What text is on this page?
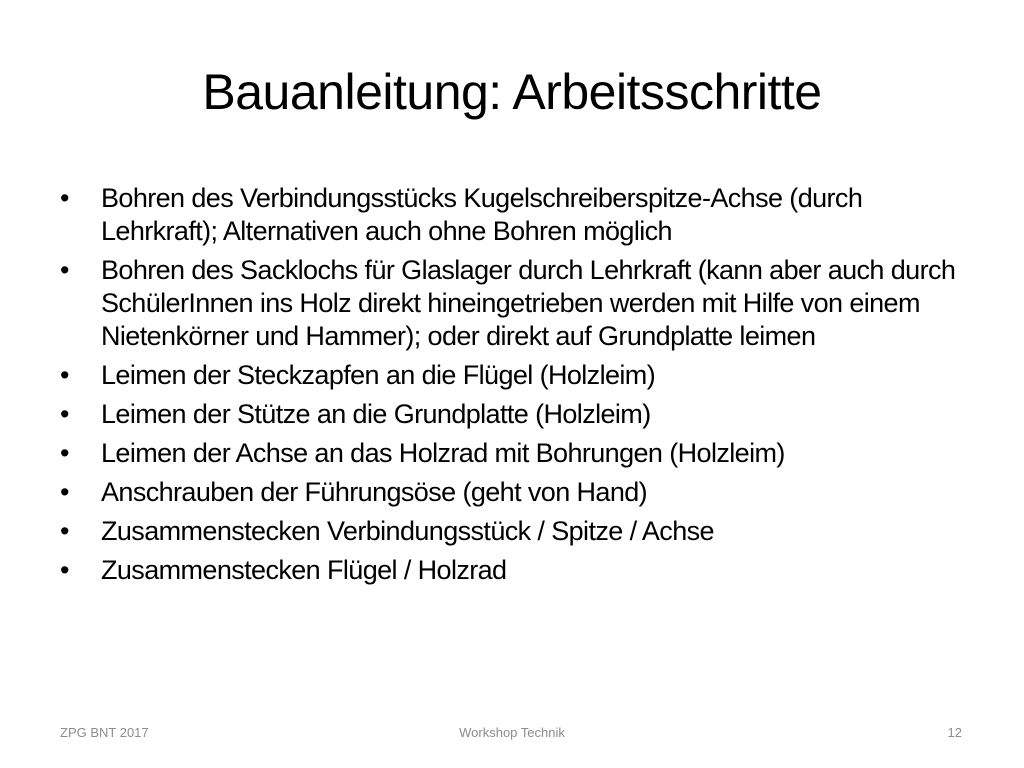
Bauanleitung: Arbeitsschritte
•	Bohren des Verbindungsstücks Kugelschreiberspitze-Achse (durch Lehrkraft); Alternativen auch ohne Bohren möglich
•	Bohren des Sacklochs für Glaslager durch Lehrkraft (kann aber auch durch SchülerInnen ins Holz direkt hineingetrieben werden mit Hilfe von einem Nietenkörner und Hammer); oder direkt auf Grundplatte leimen
•	Leimen der Steckzapfen an die Flügel (Holzleim)
•	Leimen der Stütze an die Grundplatte (Holzleim)
•	Leimen der Achse an das Holzrad mit Bohrungen (Holzleim)
•	Anschrauben der Führungsöse (geht von Hand)
•	Zusammenstecken Verbindungsstück / Spitze / Achse
•	Zusammenstecken Flügel / Holzrad
ZPG BNT 2017	Workshop Technik	12
